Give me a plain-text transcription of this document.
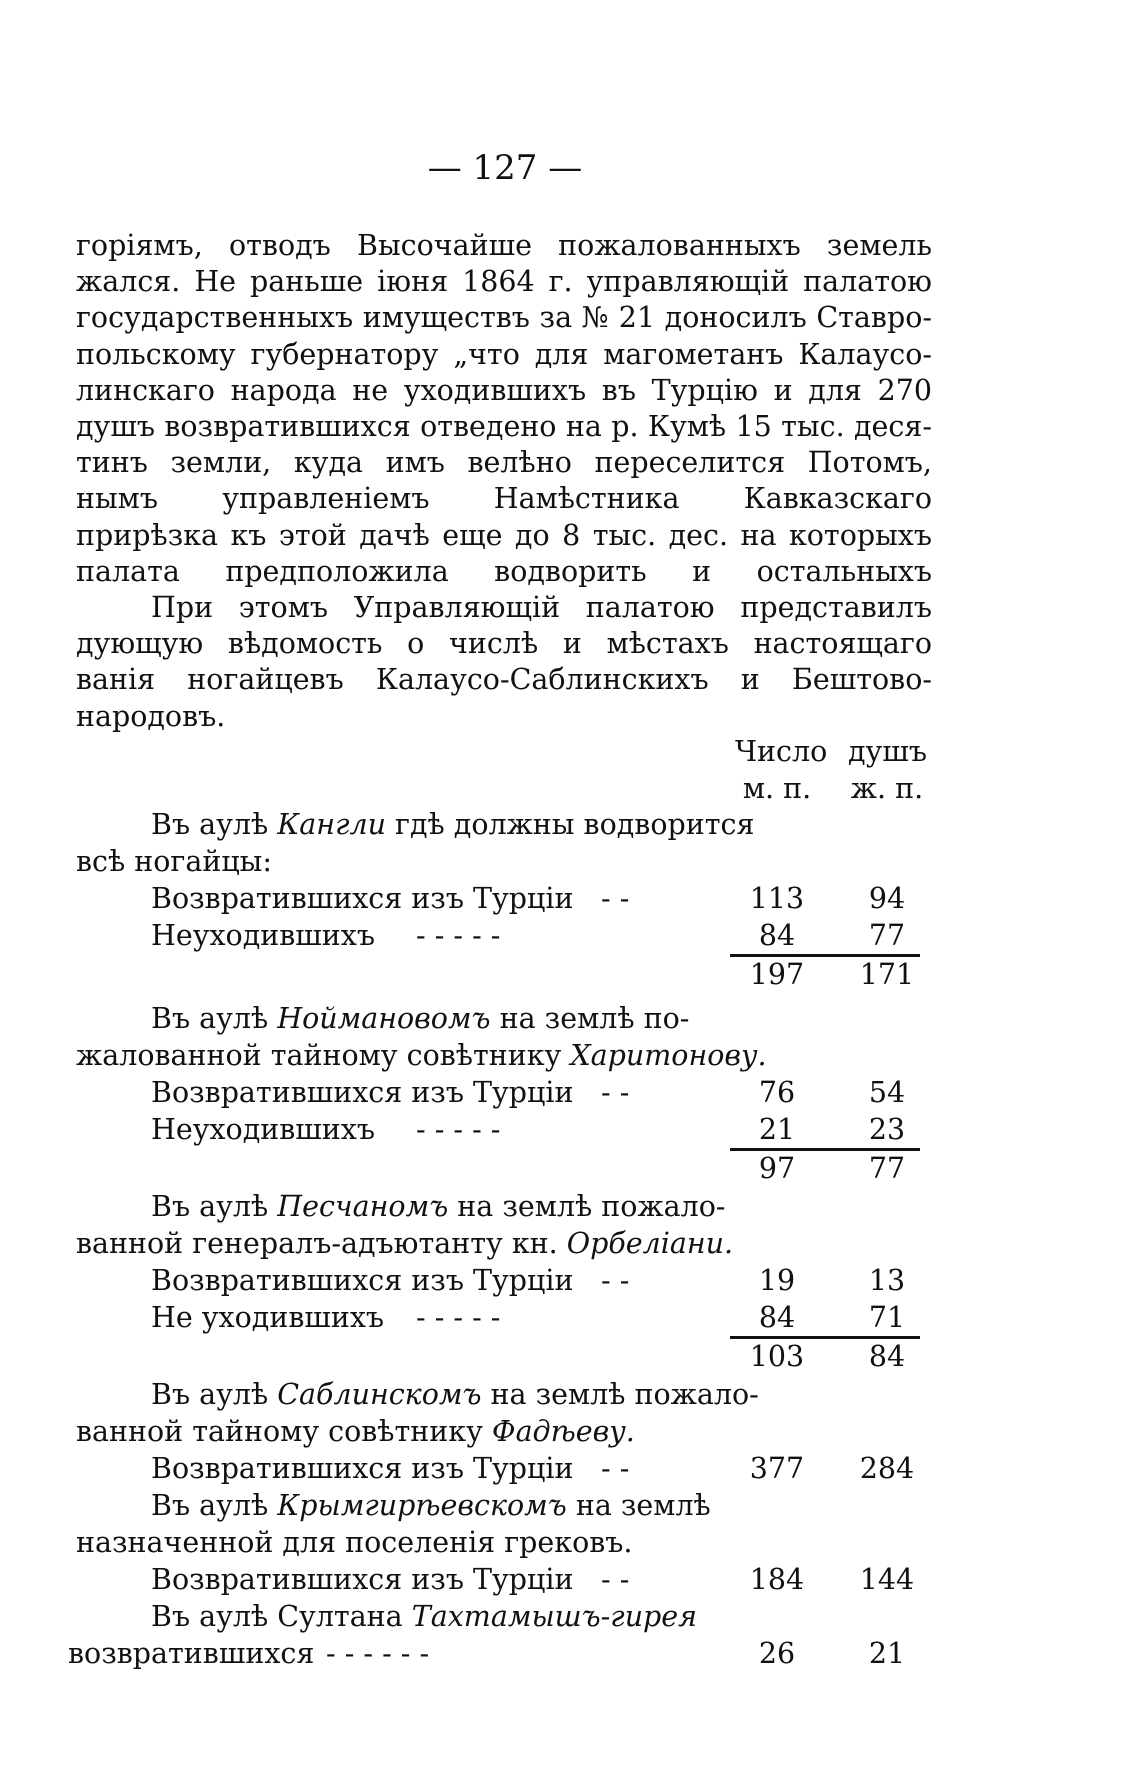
— 127 —
горіямъ, отводъ Высочайше пожалованныхъ земель
жался. Не раньше іюня 1864 г. управляющій палатою
государственныхъ имуществъ за № 21 доносилъ Ставро-
польскому губернатору „что для магометанъ Калаусо-
линскаго народа не уходившихъ въ Турцію и для 270
душъ возвратившихся отведено на р. Кумѣ 15 тыс. деся-
тинъ земли, куда имъ велѣно переселится Потомъ,
нымъ управленіемъ Намѣстника Кавказскаго
прирѣзка къ этой дачѣ еще до 8 тыс. дес. на которыхъ
палата предположила водворить и остальныхъ
При этомъ Управляющій палатою представилъ
дующую вѣдомость о числѣ и мѣстахъ настоящаго
ванія ногайцевъ Калаусо-Саблинскихъ и Бештово-
народовъ.
Число душъ
м. п.	ж. п.
Въ аулѣ Кангли гдѣ должны водворится
всѣ ногайцы:
Возвратившихся изъ Турціи - -	113	94
Неуходившихъ - - - - -	84	77
197	171
Въ аулѣ Ноймановомъ на землѣ по-
жалованной тайному совѣтнику Харитонову.
Возвратившихся изъ Турціи - -	76	54
Неуходившихъ - - - - -	21	23
97	77
Въ аулѣ Песчаномъ на землѣ пожало-
ванной генералъ-адъютанту кн. Орбеліани.
Возвратившихся изъ Турціи - -	19	13
Не уходившихъ - - - - -	84	71
103	84
Въ аулѣ Саблинскомъ на землѣ пожало-
ванной тайному совѣтнику Фадѣеву.
Возвратившихся изъ Турціи - -	377	284
Въ аулѣ Крымгирѣевскомъ на землѣ
назначенной для поселенія грековъ.
Возвратившихся изъ Турціи - -	184	144
Въ аулѣ Султана Тахтамышъ-гирея
возвратившихся - - - - - -	26	21
